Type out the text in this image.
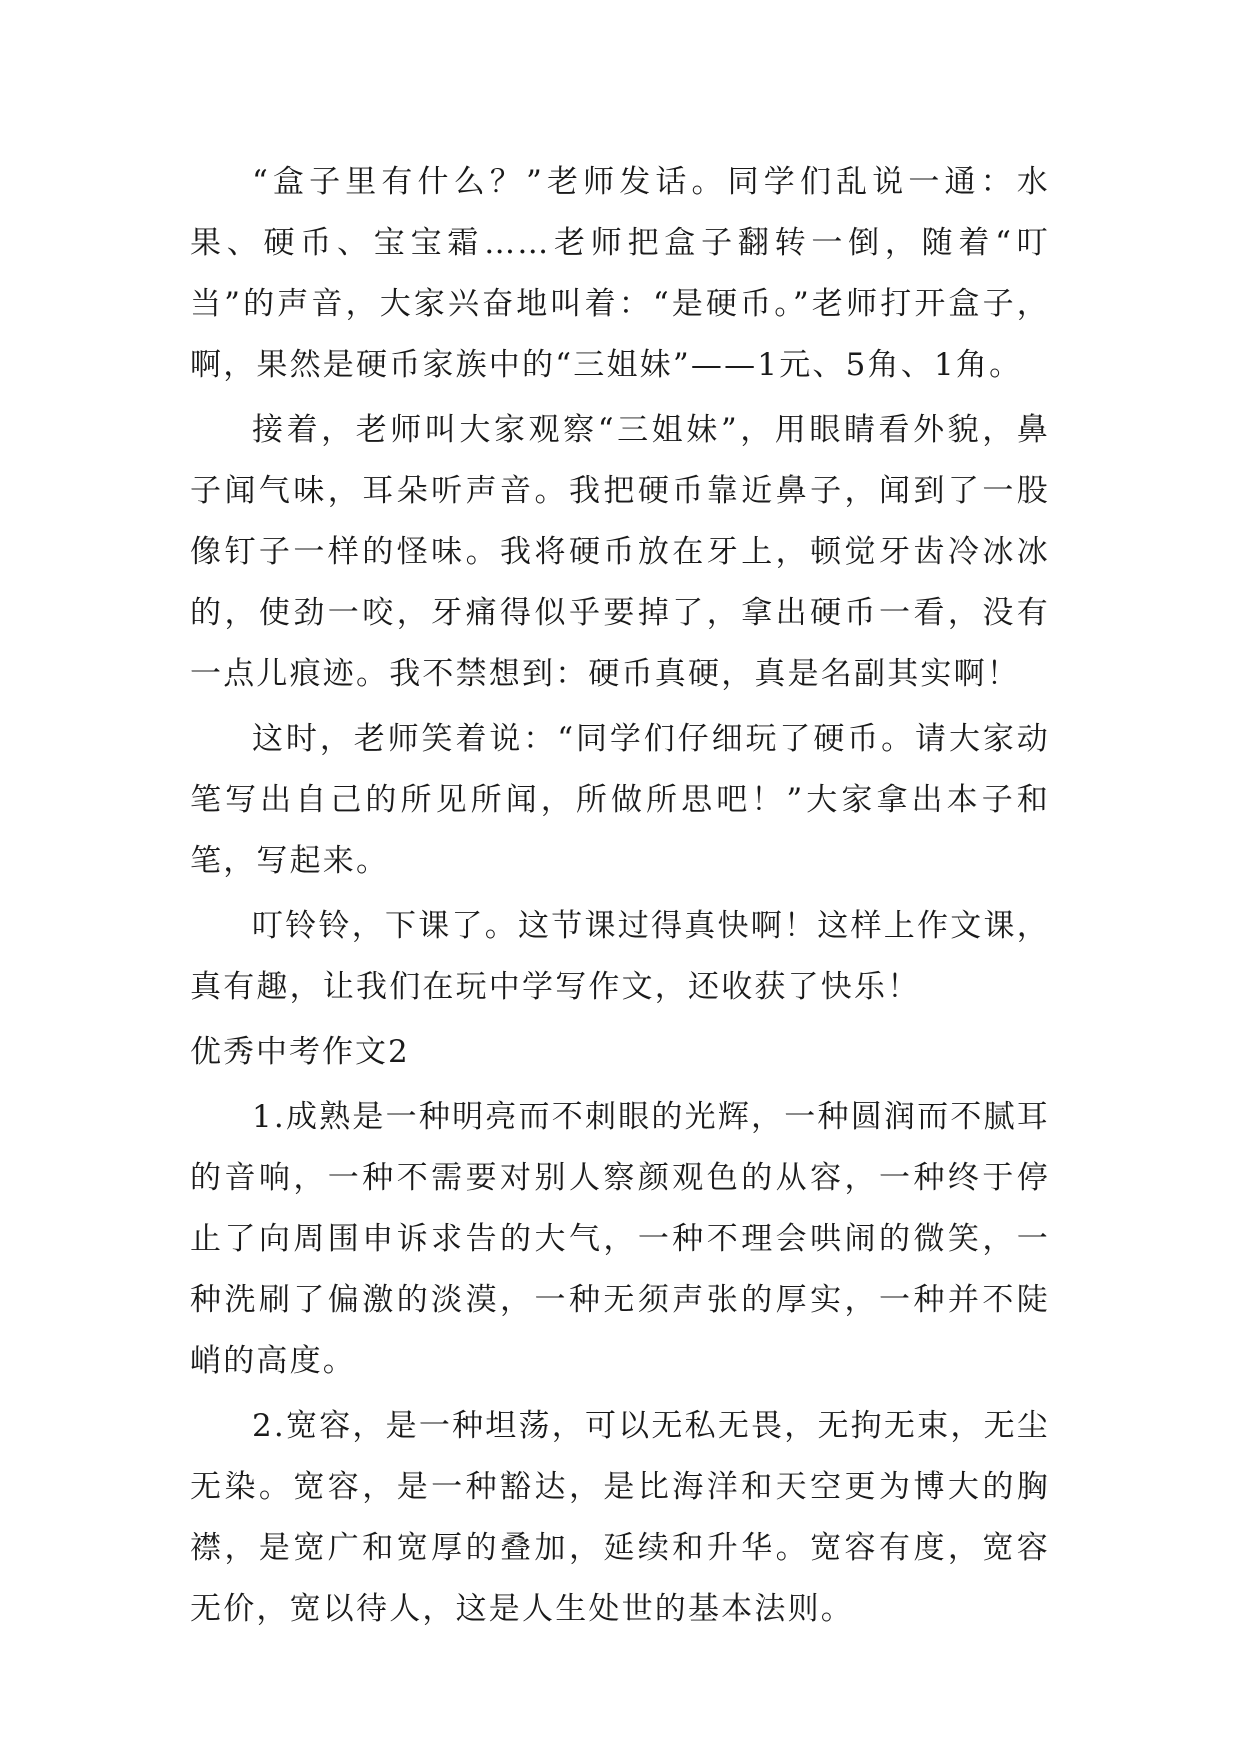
“盒子里有什么？”老师发话。同学们乱说一通：水果、硬币、宝宝霜……老师把盒子翻转一倒，随着“叮当”的声音，大家兴奋地叫着：“是硬币。”老师打开盒子，啊，果然是硬币家族中的“三姐妹”——1元、5角、1角。

接着，老师叫大家观察“三姐妹”，用眼睛看外貌，鼻子闻气味，耳朵听声音。我把硬币靠近鼻子，闻到了一股像钉子一样的怪味。我将硬币放在牙上，顿觉牙齿冷冰冰的，使劲一咬，牙痛得似乎要掉了，拿出硬币一看，没有一点儿痕迹。我不禁想到：硬币真硬，真是名副其实啊！

这时，老师笑着说：“同学们仔细玩了硬币。请大家动笔写出自己的所见所闻，所做所思吧！”大家拿出本子和笔，写起来。

叮铃铃，下课了。这节课过得真快啊！这样上作文课，真有趣，让我们在玩中学写作文，还收获了快乐！

优秀中考作文2

1.成熟是一种明亮而不刺眼的光辉，一种圆润而不腻耳的音响，一种不需要对别人察颜观色的从容，一种终于停止了向周围申诉求告的大气，一种不理会哄闹的微笑，一种洗刷了偏激的淡漠，一种无须声张的厚实，一种并不陡峭的高度。

2.宽容，是一种坦荡，可以无私无畏，无拘无束，无尘无染。宽容，是一种豁达，是比海洋和天空更为博大的胸襟，是宽广和宽厚的叠加，延续和升华。宽容有度，宽容无价，宽以待人，这是人生处世的基本法则。
